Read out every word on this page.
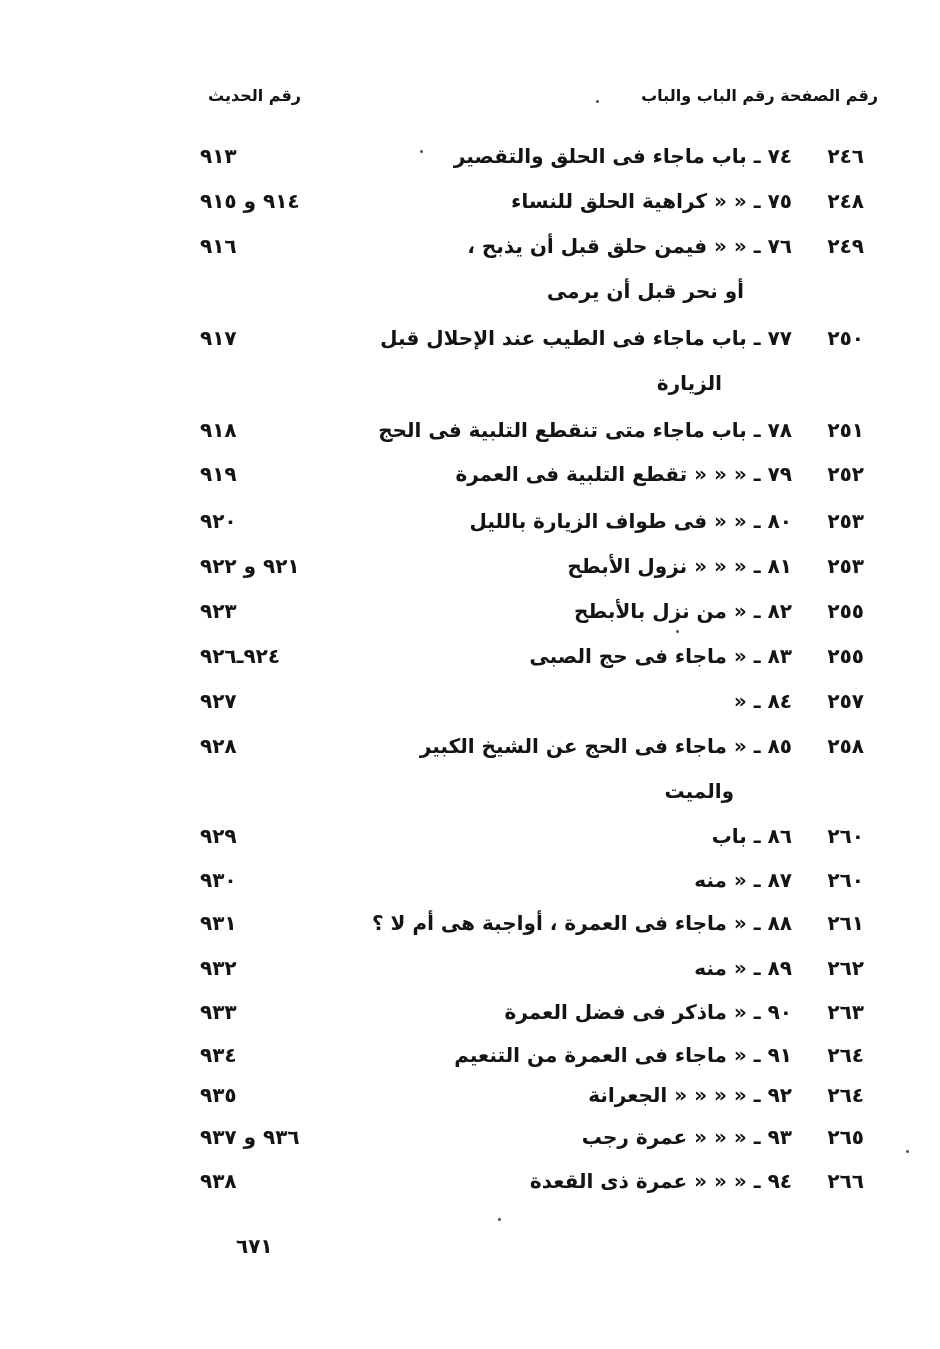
رقم الصفحة رقم الباب والباب
رقم الحديث
٢٤٦
٧٤ ـ باب ماجاء فى الحلق والتقصير
٩١٣
٢٤٨
٧٥ ـ « « كراهية الحلق للنساء
٩١٤ و ٩١٥
٢٤٩
٧٦ ـ « « فيمن حلق قبل أن يذبح ،
٩١٦
أو نحر قبل أن يرمى
٢٥٠
٧٧ ـ باب ماجاء فى الطيب عند الإحلال قبل
٩١٧
الزيارة
٢٥١
٧٨ ـ باب ماجاء متى تنقطع التلبية فى الحج
٩١٨
٢٥٢
٧٩ ـ « « « تقطع التلبية فى العمرة
٩١٩
٢٥٣
٨٠ ـ « « فى طواف الزيارة بالليل
٩٢٠
٢٥٣
٨١ ـ « « « نزول الأبطح
٩٢١ و ٩٢٢
٢٥٥
٨٢ ـ « من نزل بالأبطح
٩٢٣
٢٥٥
٨٣ ـ « ماجاء فى حج الصبى
٩٢٤ـ٩٢٦
٢٥٧
٨٤ ـ «
٩٢٧
٢٥٨
٨٥ ـ « ماجاء فى الحج عن الشيخ الكبير
٩٢٨
والميت
٢٦٠
٨٦ ـ باب
٩٢٩
٢٦٠
٨٧ ـ « منه
٩٣٠
٢٦١
٨٨ ـ « ماجاء فى العمرة ، أواجبة هى أم لا ؟
٩٣١
٢٦٢
٨٩ ـ « منه
٩٣٢
٢٦٣
٩٠ ـ « ماذكر فى فضل العمرة
٩٣٣
٢٦٤
٩١ ـ « ماجاء فى العمرة من التنعيم
٩٣٤
٢٦٤
٩٢ ـ « « « « الجعرانة
٩٣٥
٢٦٥
٩٣ ـ « « « عمرة رجب
٩٣٦ و ٩٣٧
٢٦٦
٩٤ ـ « « « عمرة ذى القعدة
٩٣٨
٦٧١
